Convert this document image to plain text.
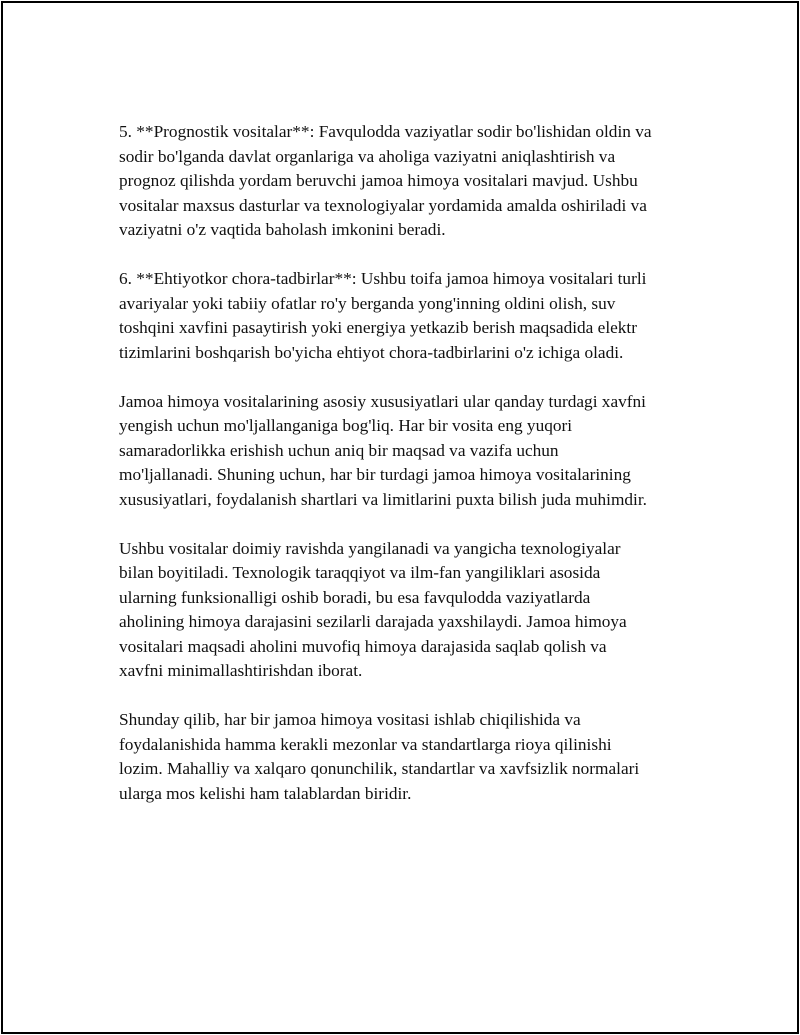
5. **Prognostik vositalar**: Favqulodda vaziyatlar sodir bo'lishidan oldin va
sodir bo'lganda davlat organlariga va aholiga vaziyatni aniqlashtirish va
prognoz qilishda yordam beruvchi jamoa himoya vositalari mavjud. Ushbu
vositalar maxsus dasturlar va texnologiyalar yordamida amalda oshiriladi va
vaziyatni o'z vaqtida baholash imkonini beradi.

6. **Ehtiyotkor chora-tadbirlar**: Ushbu toifa jamoa himoya vositalari turli
avariyalar yoki tabiiy ofatlar ro'y berganda yong'inning oldini olish, suv
toshqini xavfini pasaytirish yoki energiya yetkazib berish maqsadida elektr
tizimlarini boshqarish bo'yicha ehtiyot chora-tadbirlarini o'z ichiga oladi.

Jamoa himoya vositalarining asosiy xususiyatlari ular qanday turdagi xavfni
yengish uchun mo'ljallanganiga bog'liq. Har bir vosita eng yuqori
samaradorlikka erishish uchun aniq bir maqsad va vazifa uchun
mo'ljallanadi. Shuning uchun, har bir turdagi jamoa himoya vositalarining
xususiyatlari, foydalanish shartlari va limitlarini puxta bilish juda muhimdir.

Ushbu vositalar doimiy ravishda yangilanadi va yangicha texnologiyalar
bilan boyitiladi. Texnologik taraqqiyot va ilm-fan yangiliklari asosida
ularning funksionalligi oshib boradi, bu esa favqulodda vaziyatlarda
aholining himoya darajasini sezilarli darajada yaxshilaydi. Jamoa himoya
vositalari maqsadi aholini muvofiq himoya darajasida saqlab qolish va
xavfni minimallashtirishdan iborat.

Shunday qilib, har bir jamoa himoya vositasi ishlab chiqilishida va
foydalanishida hamma kerakli mezonlar va standartlarga rioya qilinishi
lozim. Mahalliy va xalqaro qonunchilik, standartlar va xavfsizlik normalari
ularga mos kelishi ham talablardan biridir.
